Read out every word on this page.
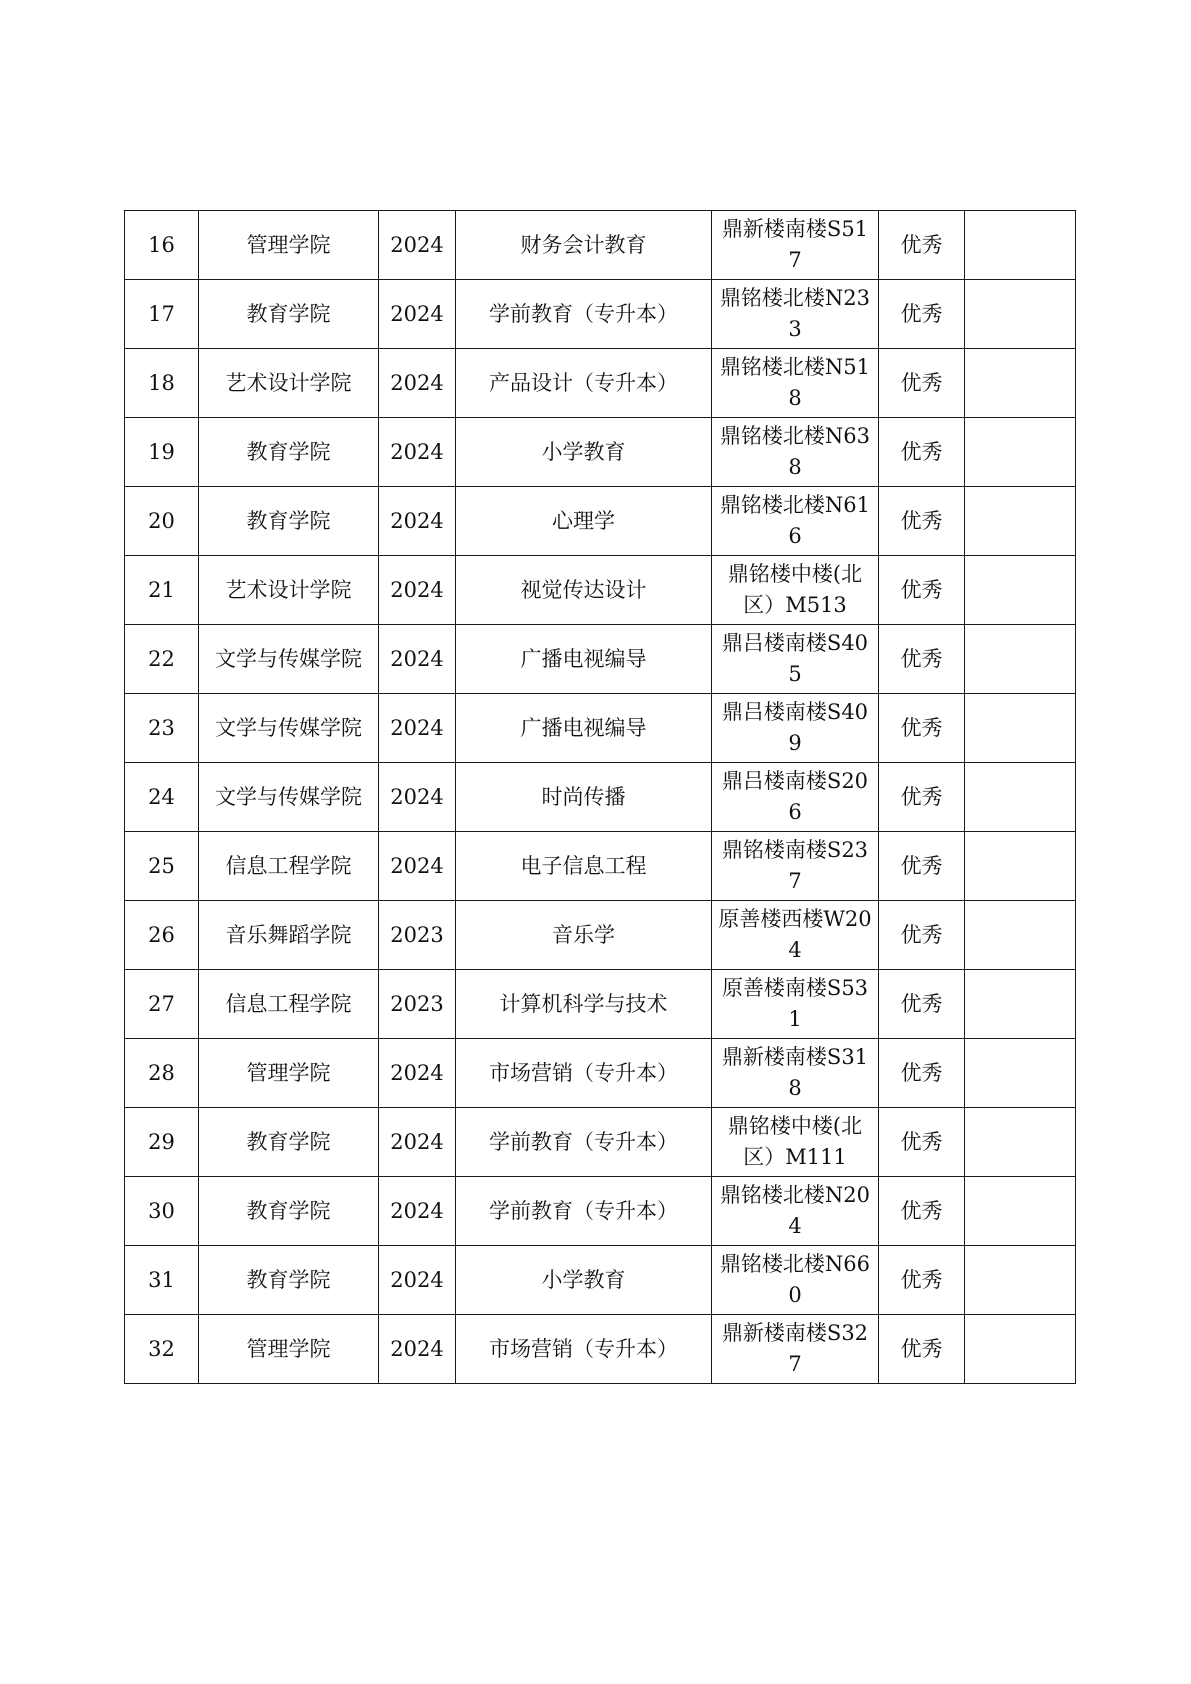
16	管理学院	2024	财务会计教育	鼎新楼南楼S517	优秀	
17	教育学院	2024	学前教育（专升本）	鼎铭楼北楼N233	优秀	
18	艺术设计学院	2024	产品设计（专升本）	鼎铭楼北楼N518	优秀	
19	教育学院	2024	小学教育	鼎铭楼北楼N638	优秀	
20	教育学院	2024	心理学	鼎铭楼北楼N616	优秀	
21	艺术设计学院	2024	视觉传达设计	鼎铭楼中楼(北区）M513	优秀	
22	文学与传媒学院	2024	广播电视编导	鼎吕楼南楼S405	优秀	
23	文学与传媒学院	2024	广播电视编导	鼎吕楼南楼S409	优秀	
24	文学与传媒学院	2024	时尚传播	鼎吕楼南楼S206	优秀	
25	信息工程学院	2024	电子信息工程	鼎铭楼南楼S237	优秀	
26	音乐舞蹈学院	2023	音乐学	原善楼西楼W204	优秀	
27	信息工程学院	2023	计算机科学与技术	原善楼南楼S531	优秀	
28	管理学院	2024	市场营销（专升本）	鼎新楼南楼S318	优秀	
29	教育学院	2024	学前教育（专升本）	鼎铭楼中楼(北区）M111	优秀	
30	教育学院	2024	学前教育（专升本）	鼎铭楼北楼N204	优秀	
31	教育学院	2024	小学教育	鼎铭楼北楼N660	优秀	
32	管理学院	2024	市场营销（专升本）	鼎新楼南楼S327	优秀	
